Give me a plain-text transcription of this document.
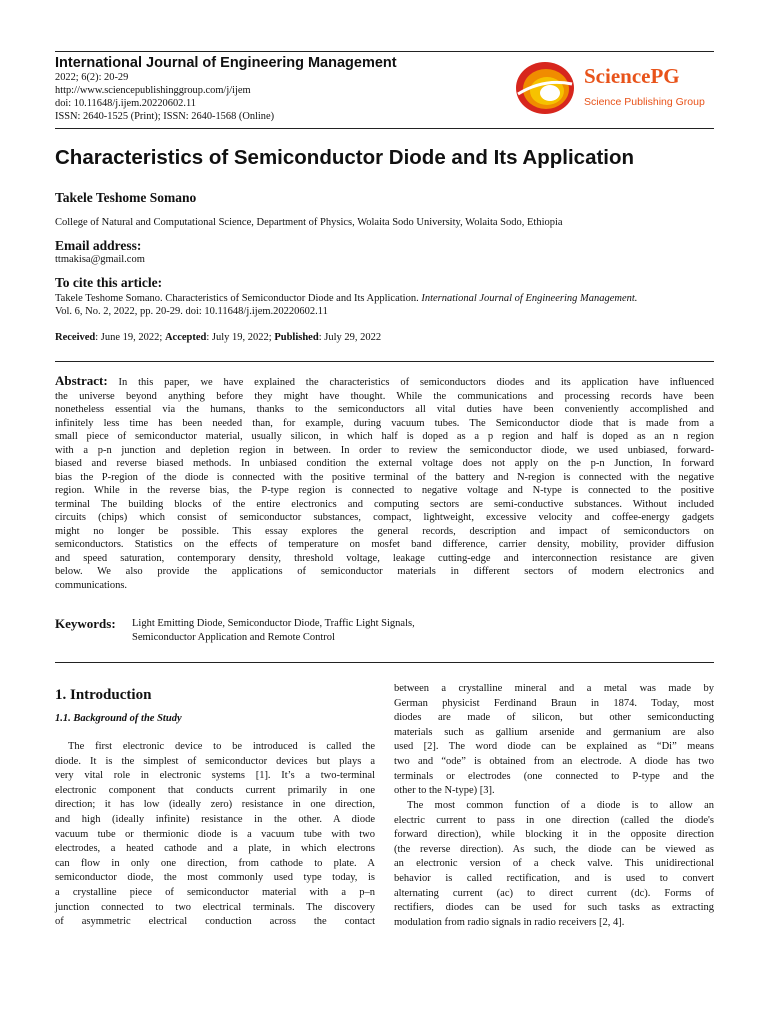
International Journal of Engineering Management
2022; 6(2): 20-29
http://www.sciencepublishinggroup.com/j/ijem
doi: 10.11648/j.ijem.20220602.11
ISSN: 2640-1525 (Print); ISSN: 2640-1568 (Online)
SciencePG
Science Publishing Group
Characteristics of Semiconductor Diode and Its Application
Takele Teshome Somano
College of Natural and Computational Science, Department of Physics, Wolaita Sodo University, Wolaita Sodo, Ethiopia
Email address:
ttmakisa@gmail.com
To cite this article:
Takele Teshome Somano. Characteristics of Semiconductor Diode and Its Application. International Journal of Engineering Management.
Vol. 6, No. 2, 2022, pp. 20-29. doi: 10.11648/j.ijem.20220602.11
Received: June 19, 2022; Accepted: July 19, 2022; Published: July 29, 2022
Abstract: In this paper, we have explained the characteristics of semiconductors diodes and its application have influenced
the universe beyond anything before they might have thought. While the communications and processing records have been
nonetheless essential via the humans, thanks to the semiconductors all vital duties have been conveniently accomplished and
infinitely less time has been needed than, for example, during vacuum tubes. The Semiconductor diode that is made from a
small piece of semiconductor material, usually silicon, in which half is doped as a p region and half is doped as an n region
with a p-n junction and depletion region in between. In order to review the semiconductor diode, we used unbiased, forward-
biased and reverse biased methods. In unbiased condition the external voltage does not apply on the p-n Junction, In forward
bias the P-region of the diode is connected with the positive terminal of the battery and N-region is connected with the negative
region. While in the reverse bias, the P-type region is connected to negative voltage and N-type is connected to the positive
terminal The building blocks of the entire electronics and computing sectors are semi-conductive substances. Without included
circuits (chips) which consist of semiconductor substances, compact, lightweight, excessive velocity and coffee-energy gadgets
might no longer be possible. This essay explores the general records, description and impact of semiconductors on
semiconductors. Statistics on the effects of temperature on mosfet band difference, carrier density, mobility, provider diffusion
and speed saturation, contemporary density, threshold voltage, leakage cutting-edge and interconnection resistance are given
below. We also provide the applications of semiconductor materials in different sectors of modern electronics and
communications.
Keywords: Light Emitting Diode, Semiconductor Diode, Traffic Light Signals,
Semiconductor Application and Remote Control
1. Introduction
1.1. Background of the Study
The first electronic device to be introduced is called the
diode. It is the simplest of semiconductor devices but plays a
very vital role in electronic systems [1]. It’s a two-terminal
electronic component that conducts current primarily in one
direction; it has low (ideally zero) resistance in one direction,
and high (ideally infinite) resistance in the other. A diode
vacuum tube or thermionic diode is a vacuum tube with two
electrodes, a heated cathode and a plate, in which electrons
can flow in only one direction, from cathode to plate. A
semiconductor diode, the most commonly used type today, is
a crystalline piece of semiconductor material with a p–n
junction connected to two electrical terminals. The discovery
of asymmetric electrical conduction across the contact
between a crystalline mineral and a metal was made by
German physicist Ferdinand Braun in 1874. Today, most
diodes are made of silicon, but other semiconducting
materials such as gallium arsenide and germanium are also
used [2]. The word diode can be explained as “Di” means
two and “ode” is obtained from an electrode. A diode has two
terminals or electrodes (one connected to P-type and the
other to the N-type) [3].
The most common function of a diode is to allow an
electric current to pass in one direction (called the diode's
forward direction), while blocking it in the opposite direction
(the reverse direction). As such, the diode can be viewed as
an electronic version of a check valve. This unidirectional
behavior is called rectification, and is used to convert
alternating current (ac) to direct current (dc). Forms of
rectifiers, diodes can be used for such tasks as extracting
modulation from radio signals in radio receivers [2, 4].
